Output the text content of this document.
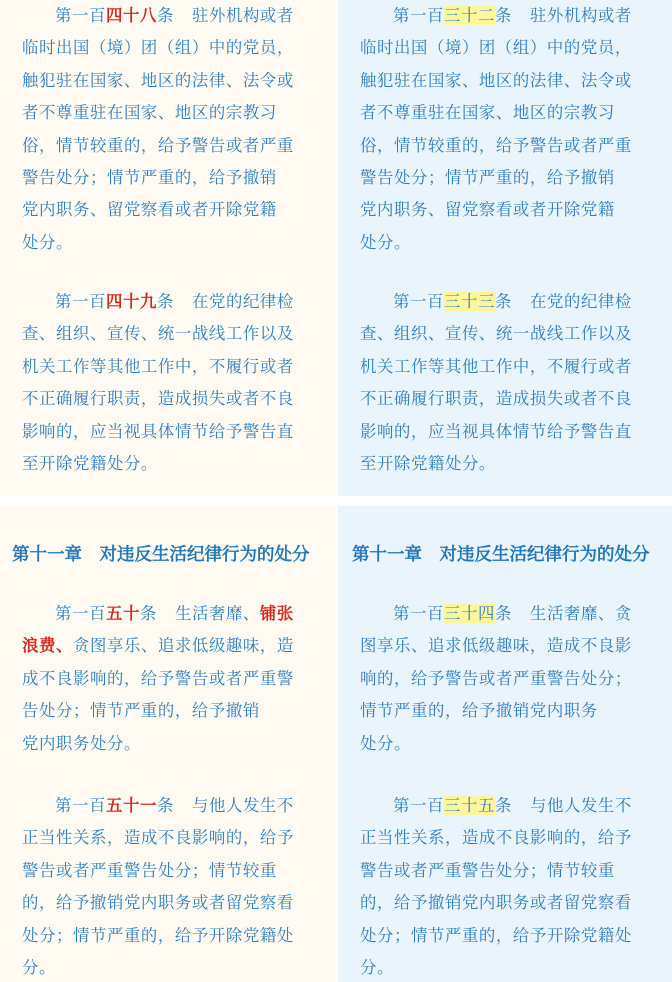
第一百四十八条 驻外机构或者
临时出国（境）团（组）中的党员，
触犯驻在国家、地区的法律、法令或
者不尊重驻在国家、地区的宗教习
俗，情节较重的，给予警告或者严重
警告处分；情节严重的，给予撤销
党内职务、留党察看或者开除党籍
处分。
第一百四十九条 在党的纪律检
查、组织、宣传、统一战线工作以及
机关工作等其他工作中，不履行或者
不正确履行职责，造成损失或者不良
影响的，应当视具体情节给予警告直
至开除党籍处分。
第十一章　对违反生活纪律行为的处分
第一百五十条 生活奢靡、铺张
浪费、贪图享乐、追求低级趣味，造
成不良影响的，给予警告或者严重警
告处分；情节严重的，给予撤销
党内职务处分。
第一百五十一条 与他人发生不
正当性关系，造成不良影响的，给予
警告或者严重警告处分；情节较重
的，给予撤销党内职务或者留党察看
处分；情节严重的，给予开除党籍处
分。
第一百三十二条 驻外机构或者
临时出国（境）团（组）中的党员，
触犯驻在国家、地区的法律、法令或
者不尊重驻在国家、地区的宗教习
俗，情节较重的，给予警告或者严重
警告处分；情节严重的，给予撤销
党内职务、留党察看或者开除党籍
处分。
第一百三十三条 在党的纪律检
查、组织、宣传、统一战线工作以及
机关工作等其他工作中，不履行或者
不正确履行职责，造成损失或者不良
影响的，应当视具体情节给予警告直
至开除党籍处分。
第十一章　对违反生活纪律行为的处分
第一百三十四条 生活奢靡、贪
图享乐、追求低级趣味，造成不良影
响的，给予警告或者严重警告处分；
情节严重的，给予撤销党内职务
处分。
第一百三十五条 与他人发生不
正当性关系，造成不良影响的，给予
警告或者严重警告处分；情节较重
的，给予撤销党内职务或者留党察看
处分；情节严重的，给予开除党籍处
分。
